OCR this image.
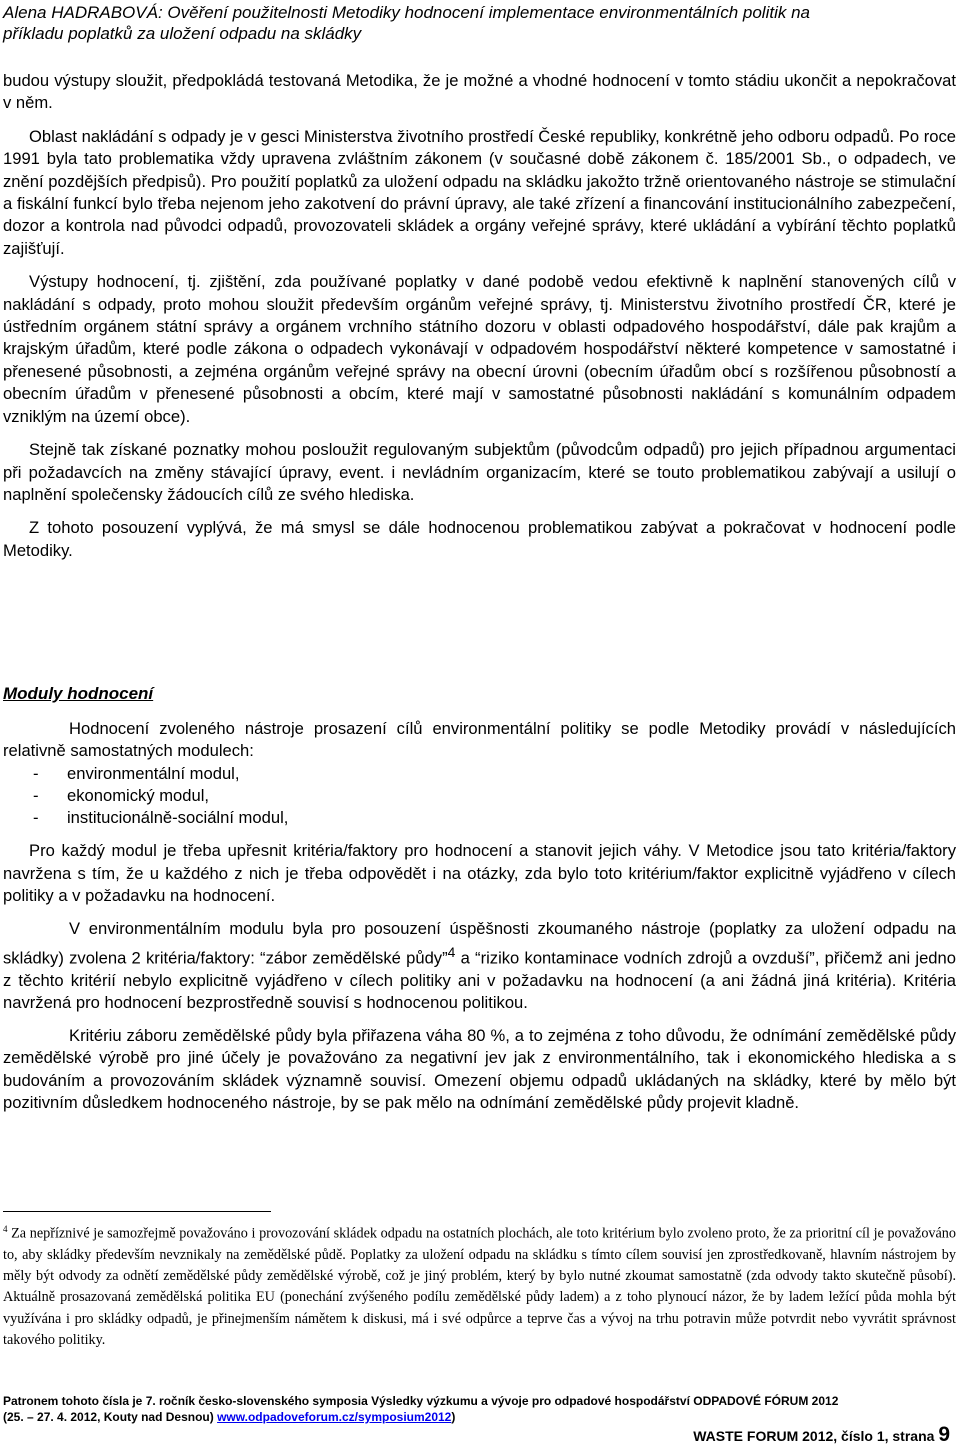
Alena HADRABOVÁ: Ověření použitelnosti Metodiky hodnocení implementace environmentálních politik na
příkladu poplatků za uložení odpadu na skládky

budou výstupy sloužit, předpokládá testovaná Metodika, že je možné a vhodné hodnocení v tomto stádiu ukončit a nepokračovat v něm.

Oblast nakládání s odpady je v gesci Ministerstva životního prostředí České republiky, konkrétně jeho odboru odpadů. Po roce 1991 byla tato problematika vždy upravena zvláštním zákonem (v současné době zákonem č. 185/2001 Sb., o odpadech, ve znění pozdějších předpisů). Pro použití poplatků za uložení odpadu na skládku jakožto tržně orientovaného nástroje se stimulační a fiskální funkcí bylo třeba nejenom jeho zakotvení do právní úpravy, ale také zřízení a financování institucionálního zabezpečení, dozor a kontrola nad původci odpadů, provozovateli skládek a orgány veřejné správy, které ukládání a vybírání těchto poplatků zajišťují.

Výstupy hodnocení, tj. zjištění, zda používané poplatky v dané podobě vedou efektivně k naplnění stanovených cílů v nakládání s odpady, proto mohou sloužit především orgánům veřejné správy, tj. Ministerstvu životního prostředí ČR, které je ústředním orgánem státní správy a orgánem vrchního státního dozoru v oblasti odpadového hospodářství, dále pak krajům a krajským úřadům, které podle zákona o odpadech vykonávají v odpadovém hospodářství některé kompetence v samostatné i přenesené působnosti, a zejména orgánům veřejné správy na obecní úrovni (obecním úřadům obcí s rozšířenou působností a obecním úřadům v přenesené působnosti a obcím, které mají v samostatné působnosti nakládání s komunálním odpadem vzniklým na území obce).

Stejně tak získané poznatky mohou posloužit regulovaným subjektům (původcům odpadů) pro jejich případnou argumentaci při požadavcích na změny stávající úpravy, event. i nevládním organizacím, které se touto problematikou zabývají a usilují o naplnění společensky žádoucích cílů ze svého hlediska.

Z tohoto posouzení vyplývá, že má smysl se dále hodnocenou problematikou zabývat a pokračovat v hodnocení podle Metodiky.

Moduly hodnocení

Hodnocení zvoleného nástroje prosazení cílů environmentální politiky se podle Metodiky provádí v následujících relativně samostatných modulech:

-	environmentální modul,
-	ekonomický modul,
-	institucionálně-sociální modul,

Pro každý modul je třeba upřesnit kritéria/faktory pro hodnocení a stanovit jejich váhy. V Metodice jsou tato kritéria/faktory navržena s tím, že u každého z nich je třeba odpovědět i na otázky, zda bylo toto kritérium/faktor explicitně vyjádřeno v cílech politiky a v požadavku na hodnocení.

V environmentálním modulu byla pro posouzení úspěšnosti zkoumaného nástroje (poplatky za uložení odpadu na skládky) zvolena 2 kritéria/faktory: “zábor zemědělské půdy”$^4$ a “riziko kontaminace vodních zdrojů a ovzduší”, přičemž ani jedno z těchto kritérií nebylo explicitně vyjádřeno v cílech politiky ani v požadavku na hodnocení (a ani žádná jiná kritéria). Kritéria navržená pro hodnocení bezprostředně souvisí s hodnocenou politikou.

Kritériu záboru zemědělské půdy byla přiřazena váha 80 %, a to zejména z toho důvodu, že odnímání zemědělské půdy zemědělské výrobě pro jiné účely je považováno za negativní jev jak z environmentálního, tak i ekonomického hlediska a s budováním a provozováním skládek významně souvisí. Omezení objemu odpadů ukládaných na skládky, které by mělo být pozitivním důsledkem hodnoceného nástroje, by se pak mělo na odnímání zemědělské půdy projevit kladně.

$^4$ Za nepříznivé je samozřejmě považováno i provozování skládek odpadu na ostatních plochách, ale toto kritérium bylo zvoleno proto, že za prioritní cíl je považováno to, aby skládky především nevznikaly na zemědělské půdě. Poplatky za uložení odpadu na skládku s tímto cílem souvisí jen zprostředkovaně, hlavním nástrojem by měly být odvody za odnětí zemědělské půdy zemědělské výrobě, což je jiný problém, který by bylo nutné zkoumat samostatně (zda odvody takto skutečně působí). Aktuálně prosazovaná zemědělská politika EU (ponechání zvýšeného podílu zemědělské půdy ladem) a z toho plynoucí názor, že by ladem ležící půda mohla být využívána i pro skládky odpadů, je přinejmenším námětem k diskusi, má i své odpůrce a teprve čas a vývoj na trhu potravin může potvrdit nebo vyvrátit správnost takového politiky.
Patronem tohoto čísla je 7. ročník česko-slovenského symposia Výsledky výzkumu a vývoje pro odpadové hospodářství ODPADOVÉ FÓRUM 2012
(25. – 27. 4. 2012, Kouty nad Desnou) www.odpadoveforum.cz/symposium2012)
WASTE FORUM 2012, číslo 1, strana 9
